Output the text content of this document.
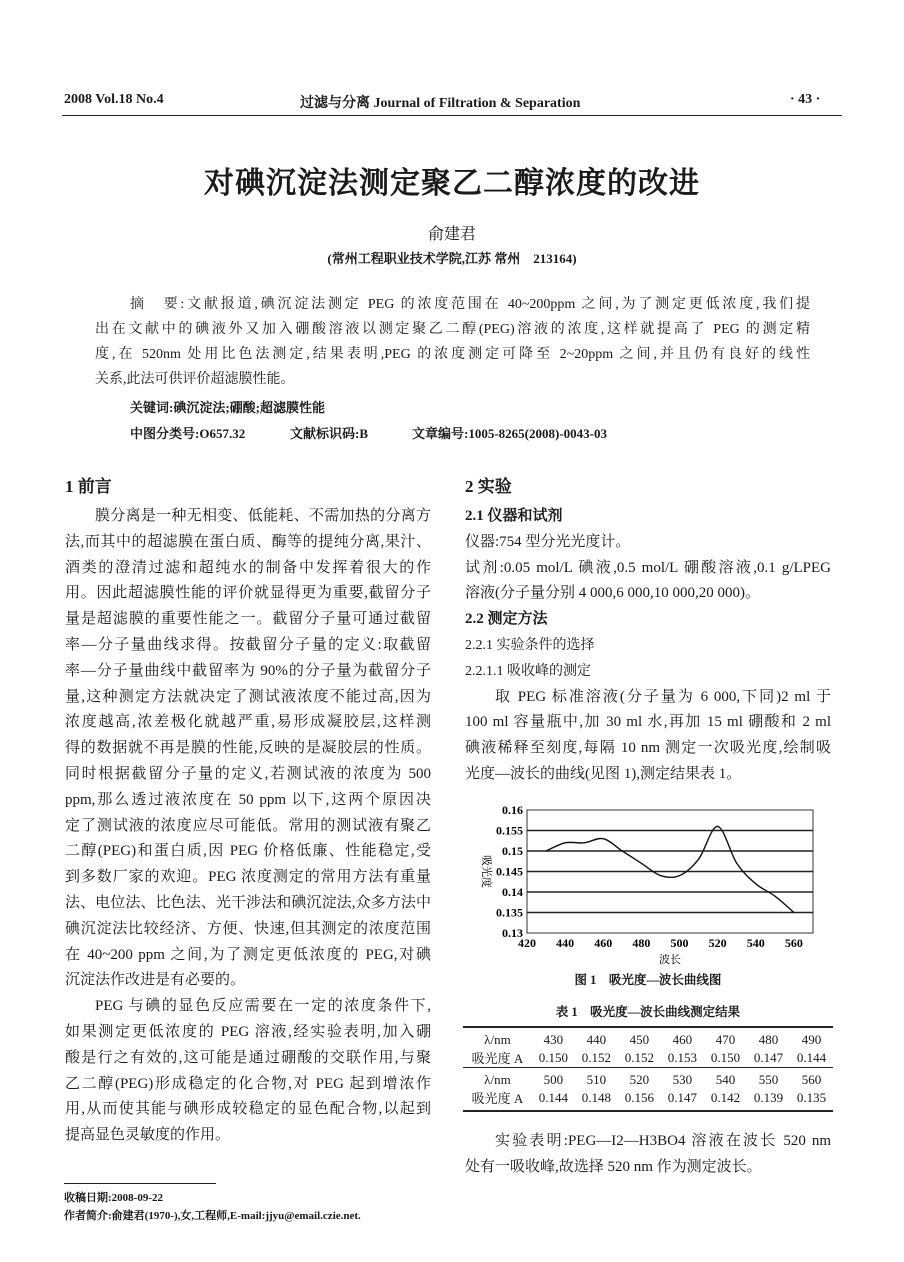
2008 Vol.18 No.4	过滤与分离 Journal of Filtration & Separation	· 43 ·
对碘沉淀法测定聚乙二醇浓度的改进
俞建君
(常州工程职业技术学院,江苏 常州　213164)
摘　要:文献报道,碘沉淀法测定 PEG 的浓度范围在 40~200ppm 之间,为了测定更低浓度,我们提
出在文献中的碘液外又加入硼酸溶液以测定聚乙二醇(PEG)溶液的浓度,这样就提高了 PEG 的测定精
度,在 520nm 处用比色法测定,结果表明,PEG 的浓度测定可降至 2~20ppm 之间,并且仍有良好的线性
关系,此法可供评价超滤膜性能。
关键词:碘沉淀法;硼酸;超滤膜性能
中图分类号:O657.32	文献标识码:B	文章编号:1005-8265(2008)-0043-03
1 前言
膜分离是一种无相变、低能耗、不需加热的分离方
法,而其中的超滤膜在蛋白质、酶等的提纯分离,果汁、
酒类的澄清过滤和超纯水的制备中发挥着很大的作
用。因此超滤膜性能的评价就显得更为重要,截留分子
量是超滤膜的重要性能之一。截留分子量可通过截留
率—分子量曲线求得。按截留分子量的定义:取截留
率—分子量曲线中截留率为 90%的分子量为截留分子
量,这种测定方法就决定了测试液浓度不能过高,因为
浓度越高,浓差极化就越严重,易形成凝胶层,这样测
得的数据就不再是膜的性能,反映的是凝胶层的性质。
同时根据截留分子量的定义,若测试液的浓度为 500
ppm,那么透过液浓度在 50 ppm 以下,这两个原因决
定了测试液的浓度应尽可能低。常用的测试液有聚乙
二醇(PEG)和蛋白质,因 PEG 价格低廉、性能稳定,受
到多数厂家的欢迎。PEG 浓度测定的常用方法有重量
法、电位法、比色法、光干涉法和碘沉淀法,众多方法中
碘沉淀法比较经济、方便、快速,但其测定的浓度范围
在 40~200 ppm 之间,为了测定更低浓度的 PEG,对碘
沉淀法作改进是有必要的。
PEG 与碘的显色反应需要在一定的浓度条件下,
如果测定更低浓度的 PEG 溶液,经实验表明,加入硼
酸是行之有效的,这可能是通过硼酸的交联作用,与聚
乙二醇(PEG)形成稳定的化合物,对 PEG 起到增浓作
用,从而使其能与碘形成较稳定的显色配合物,以起到
提高显色灵敏度的作用。
收稿日期:2008-09-22
作者简介:俞建君(1970-),女,工程师,E-mail:jjyu@email.czie.net.
2 实验
2.1 仪器和试剂
仪器:754 型分光光度计。
试剂:0.05 mol/L 碘液,0.5 mol/L 硼酸溶液,0.1 g/LPEG
溶液(分子量分别 4 000,6 000,10 000,20 000)。
2.2 测定方法
2.2.1 实验条件的选择
2.2.1.1 吸收峰的测定
取 PEG 标准溶液(分子量为 6 000,下同)2 ml 于
100 ml 容量瓶中,加 30 ml 水,再加 15 ml 硼酸和 2 ml
碘液稀释至刻度,每隔 10 nm 测定一次吸光度,绘制吸
光度—波长的曲线(见图 1),测定结果表 1。
0.13
0.135
0.14
0.145
0.15
0.155
0.16
420 440 460 480 500 520 540 560
波长
吸光度
图 1　吸光度—波长曲线图
表 1　吸光度—波长曲线测定结果
λ/nm	430	440	450	460	470	480	490
吸光度 A	0.150	0.152	0.152	0.153	0.150	0.147	0.144
λ/nm	500	510	520	530	540	550	560
吸光度 A	0.144	0.148	0.156	0.147	0.142	0.139	0.135
实验表明:PEG—I2—H3BO4 溶液在波长 520 nm
处有一吸收峰,故选择 520 nm 作为测定波长。
